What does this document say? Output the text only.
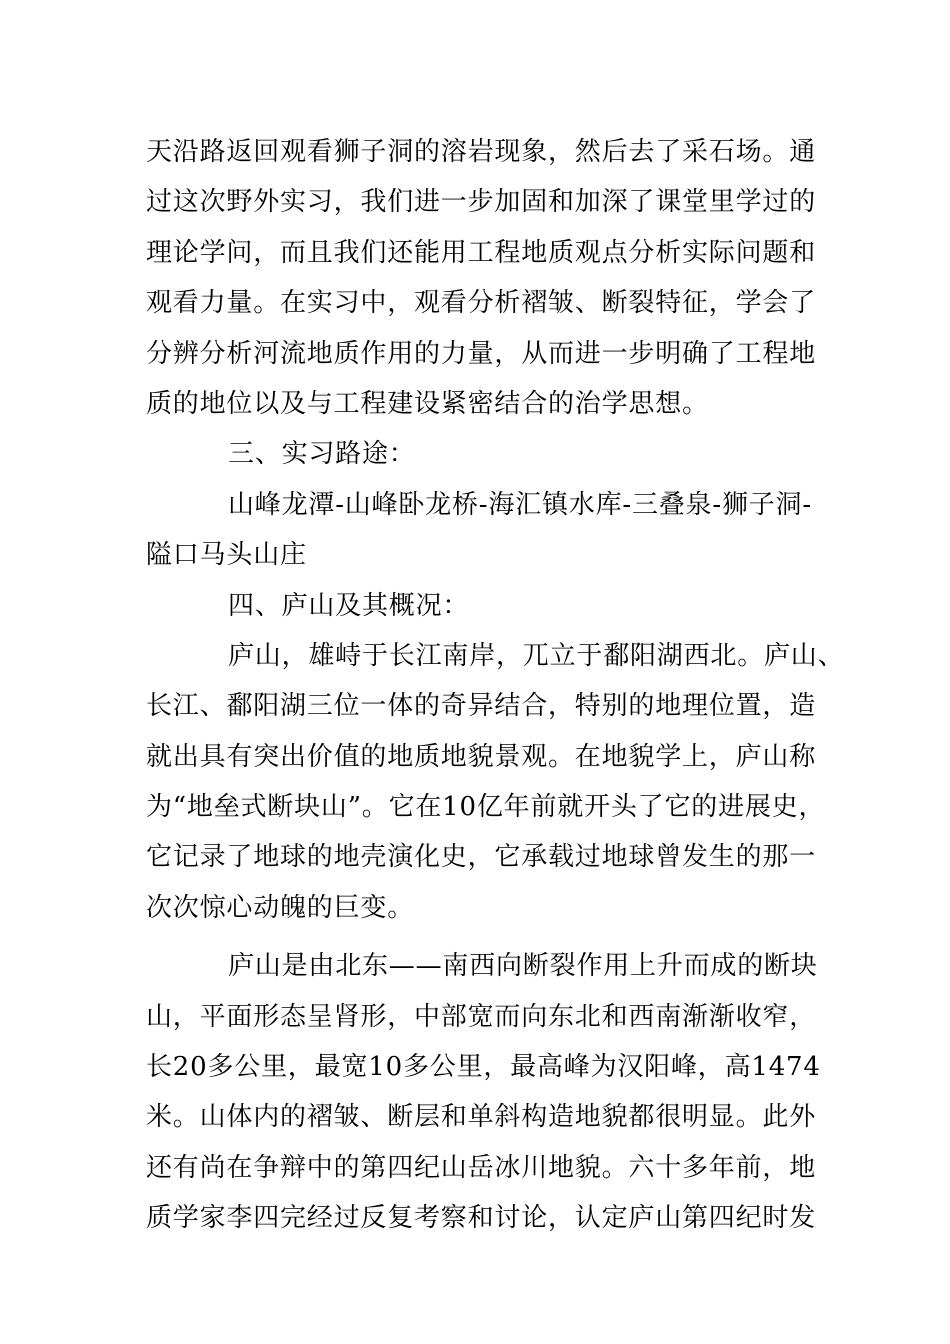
天沿路返回观看狮子洞的溶岩现象，然后去了采石场。通
过这次野外实习，我们进一步加固和加深了课堂里学过的
理论学问，而且我们还能用工程地质观点分析实际问题和
观看力量。在实习中，观看分析褶皱、断裂特征，学会了
分辨分析河流地质作用的力量，从而进一步明确了工程地
质的地位以及与工程建设紧密结合的治学思想。
三、实习路途：
山峰龙潭-山峰卧龙桥-海汇镇水库-三叠泉-狮子洞-
隘口马头山庄
四、庐山及其概况：
庐山，雄峙于长江南岸，兀立于鄱阳湖西北。庐山、
长江、鄱阳湖三位一体的奇异结合，特别的地理位置，造
就出具有突出价值的地质地貌景观。在地貌学上，庐山称
为“地垒式断块山”。它在10亿年前就开头了它的进展史，
它记录了地球的地壳演化史，它承载过地球曾发生的那一
次次惊心动魄的巨变。
庐山是由北东——南西向断裂作用上升而成的断块
山，平面形态呈肾形，中部宽而向东北和西南渐渐收窄，
长20多公里，最宽10多公里，最高峰为汉阳峰，高1474
米。山体内的褶皱、断层和单斜构造地貌都很明显。此外
还有尚在争辩中的第四纪山岳冰川地貌。六十多年前，地
质学家李四完经过反复考察和讨论，认定庐山第四纪时发
